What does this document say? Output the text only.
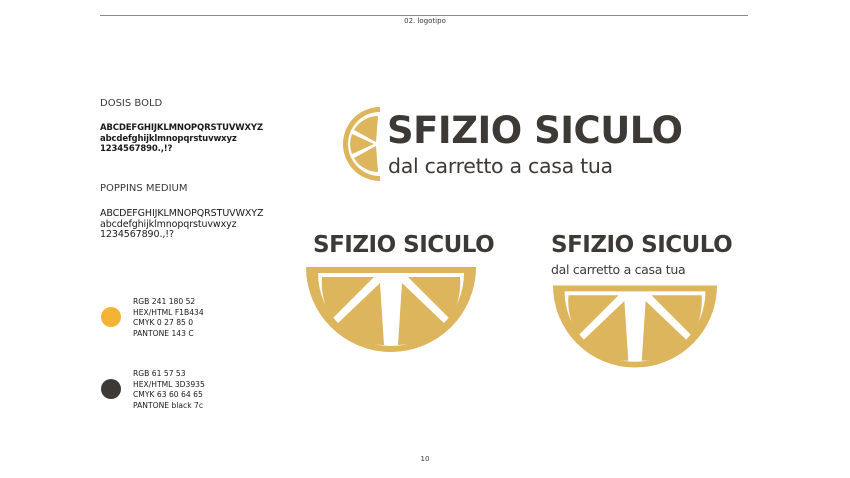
02. logotipo
DOSIS BOLD
ABCDEFGHIJKLMNOPQRSTUVWXYZ
abcdefghijklmnopqrstuvwxyz
1234567890.,!?
POPPINS MEDIUM
ABCDEFGHIJKLMNOPQRSTUVWXYZ
abcdefghijklmnopqrstuvwxyz
1234567890.,!?
RGB 241 180 52
HEX/HTML F1B434
CMYK 0 27 85 0
PANTONE 143 C
RGB 61 57 53
HEX/HTML 3D3935
CMYK 63 60 64 65
PANTONE black 7c
SFIZIO SICULO
dal carretto a casa tua
SFIZIO SICULO SFIZIO SICULO
dal carretto a casa tua
10
